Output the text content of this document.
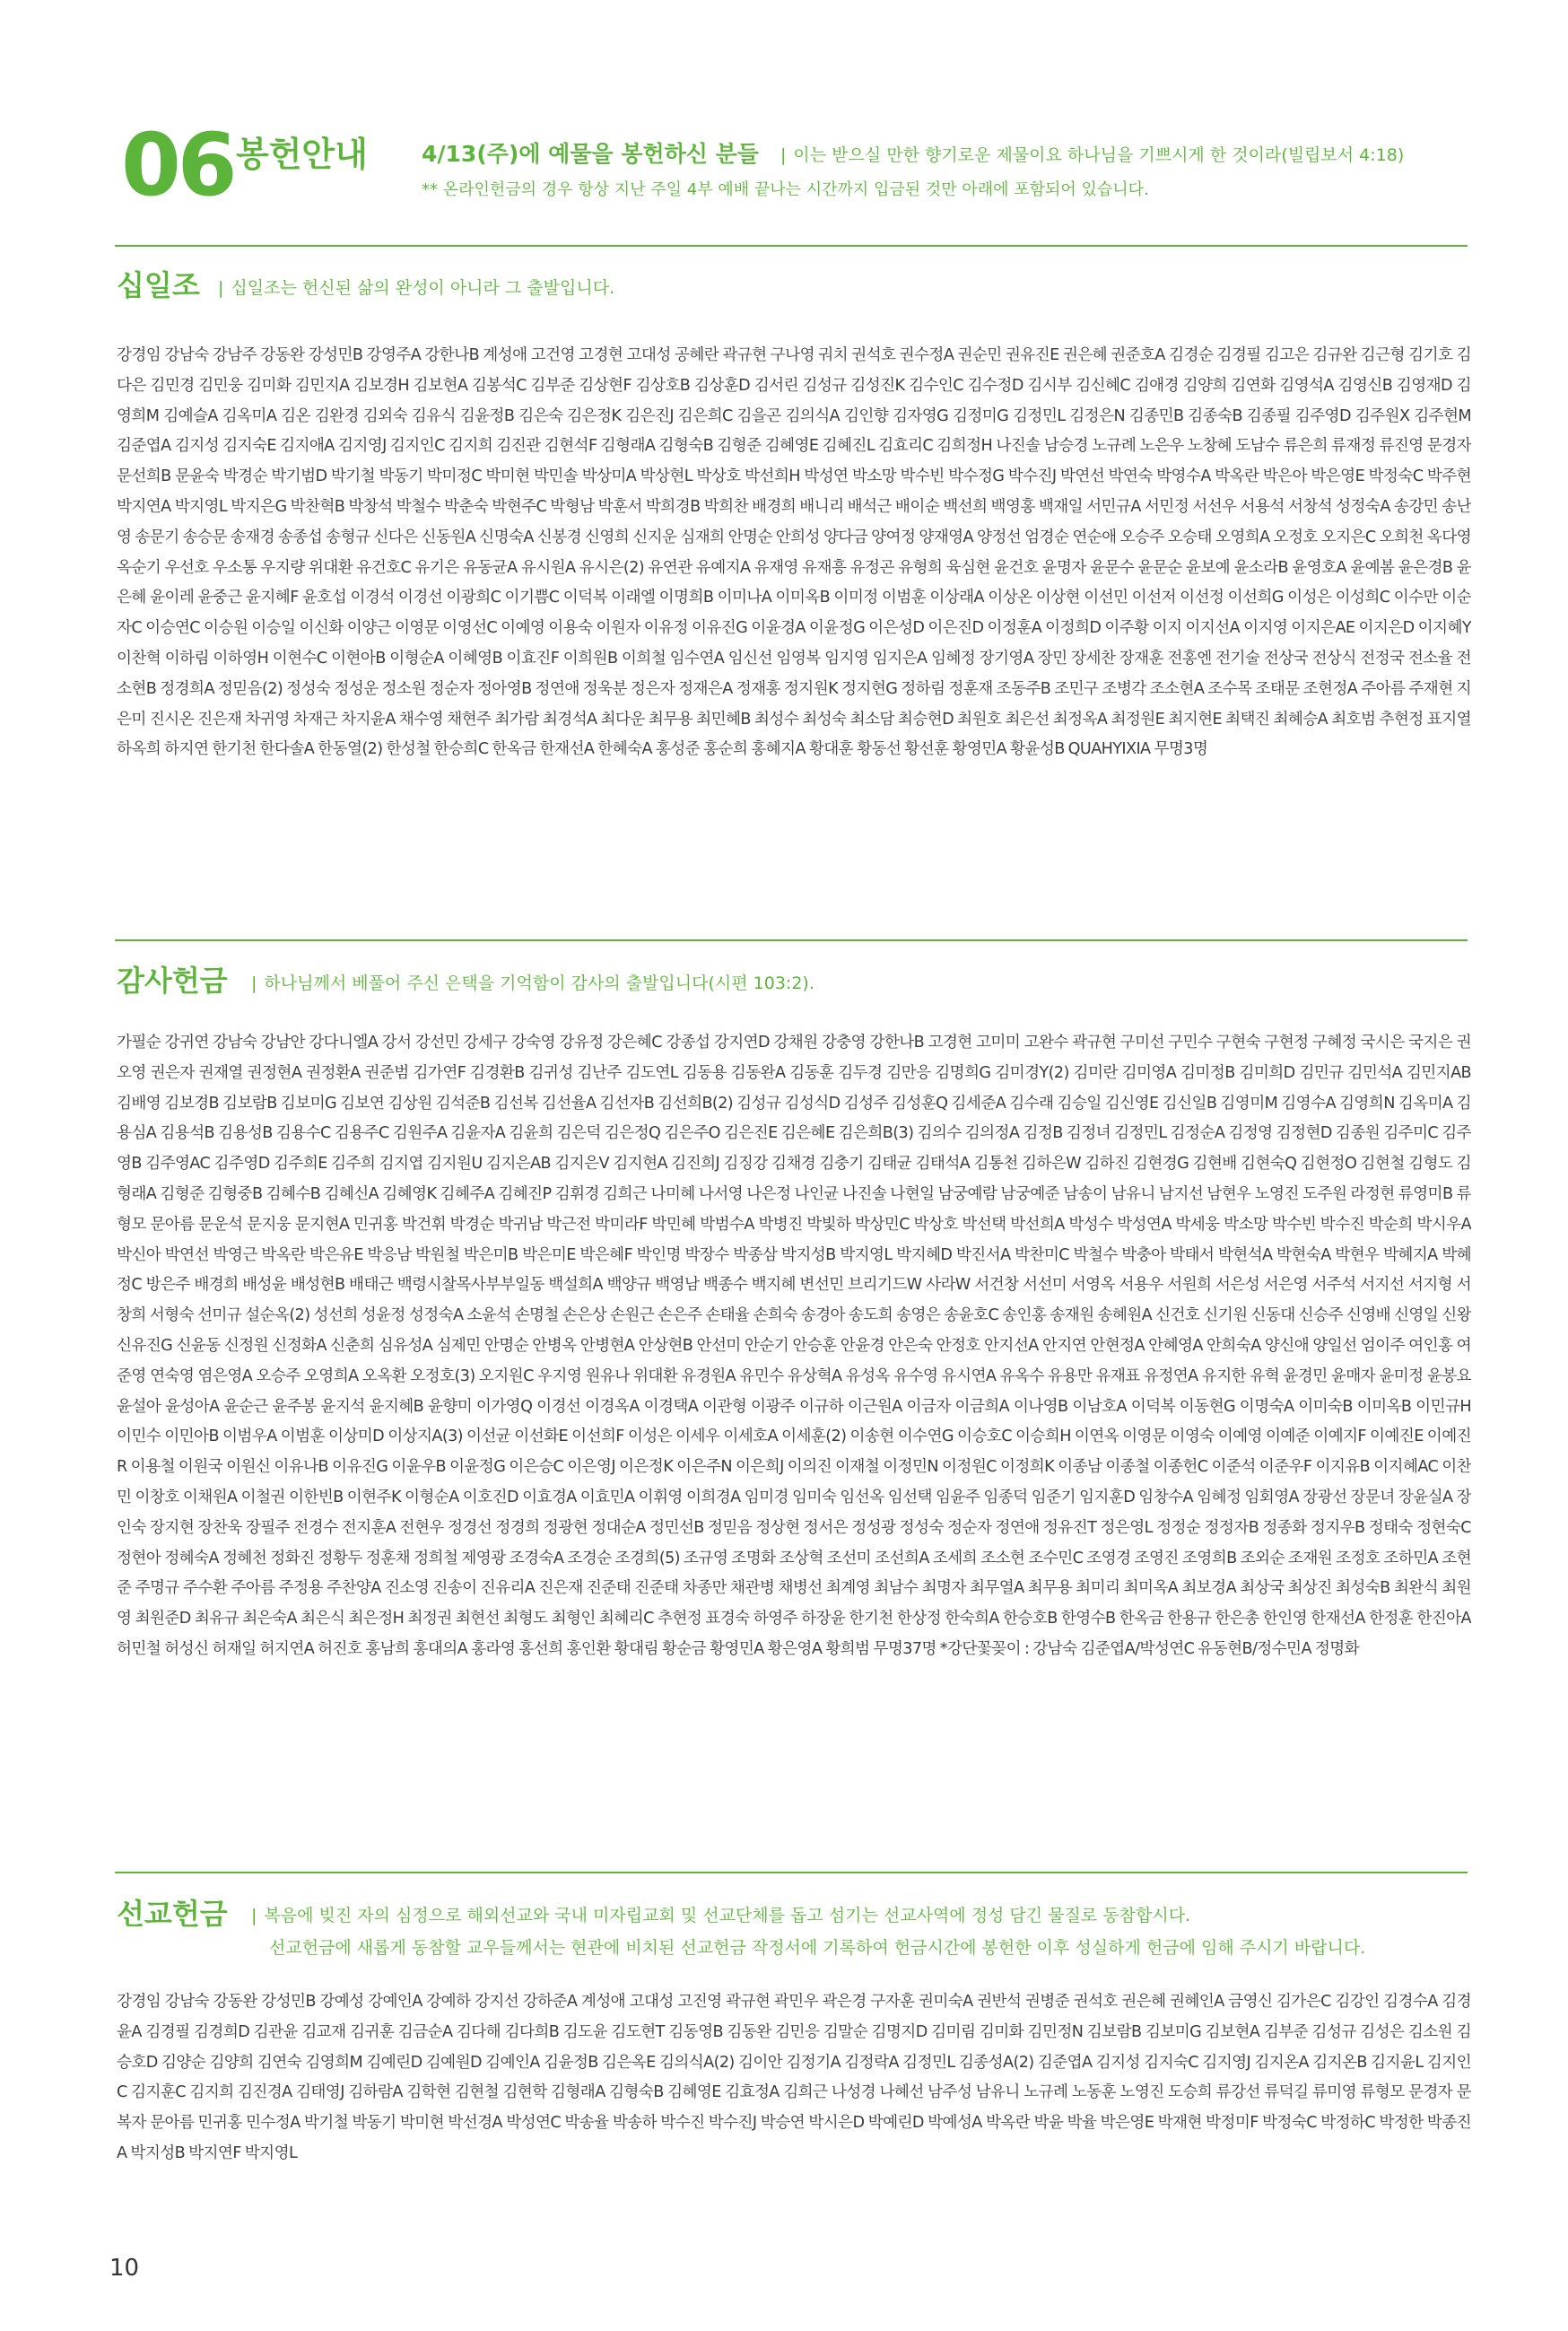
06 봉헌안내 4/13(주)에 예물을 봉헌하신 분들 | 이는 받으실 만한 향기로운 제물이요 하나님을 기쁘시게 한 것이라(빌립보서 4:18)
** 온라인헌금의 경우 항상 지난 주일 4부 예배 끝나는 시간까지 입금된 것만 아래에 포함되어 있습니다.
십일조 | 십일조는 헌신된 삶의 완성이 아니라 그 출발입니다.
강경임 강남숙 강남주 강동완 강성민B 강영주A 강한나B 계성애 고건영 고경현 고대성 공혜란 곽규현 구나영 궈치 권석호 권수정A 권순민 권유진E 권은혜 권준호A 김경순 김경필 김고은 김규완 김근형 김기호 김다은 김민경 김민웅 김미화 김민지A 김보경H 김보현A 김봉석C 김부준 김상현F 김상호B 김상훈D 김서린 김성규 김성진K 김수인C 김수정D 김시부 김신혜C 김애경 김양희 김연화 김영석A 김영신B 김영재D 김영희M 김예슬A 김옥미A 김온 김완경 김외숙 김유식 김윤정B 김은숙 김은정K 김은진J 김은희C 김을곤 김의식A 김인향 김자영G 김정미G 김정민L 김정은N 김종민B 김종숙B 김종필 김주영D 김주원X 김주현M 김준엽A 김지성 김지숙E 김지애A 김지영J 김지인C 김지희 김진관 김현석F 김형래A 김형숙B 김형준 김혜영E 김혜진L 김효리C 김희정H 나진솔 남승경 노규례 노은우 노창혜 도남수 류은희 류재정 류진영 문경자 문선희B 문윤숙 박경순 박기범D 박기철 박동기 박미정C 박미현 박민솔 박상미A 박상현L 박상호 박선희H 박성연 박소망 박수빈 박수정G 박수진J 박연선 박연숙 박영수A 박옥란 박은아 박은영E 박정숙C 박주현 박지연A 박지영L 박지은G 박찬혁B 박창석 박철수 박춘숙 박현주C 박형남 박훈서 박희경B 박희찬 배경희 배니리 배석근 배이순 백선희 백영홍 백재일 서민규A 서민정 서선우 서용석 서창석 성정숙A 송강민 송난영 송문기 송승문 송재경 송종섭 송형규 신다은 신동원A 신명숙A 신봉경 신영희 신지운 심재희 안명순 안희성 양다금 양여정 양재영A 양정선 엄경순 연순애 오승주 오승태 오영희A 오정호 오지은C 오희천 옥다영 옥순기 우선호 우소통 우지량 위대환 유건호C 유기은 유동균A 유시원A 유시은(2) 유연관 유예지A 유재영 유재흥 유정곤 유형희 육심현 윤건호 윤명자 윤문수 윤문순 윤보예 윤소라B 윤영호A 윤예봄 윤은경B 윤은혜 윤이레 윤중근 윤지혜F 윤호섭 이경석 이경선 이광희C 이기쁨C 이덕복 이래엘 이명희B 이미나A 이미옥B 이미정 이범훈 이상래A 이상온 이상현 이선민 이선저 이선정 이선희G 이성은 이성희C 이수만 이순자C 이승연C 이승원 이승일 이신화 이양근 이영문 이영선C 이예영 이용숙 이원자 이유정 이유진G 이윤경A 이윤정G 이은성D 이은진D 이정훈A 이정희D 이주황 이지 이지선A 이지영 이지은AE 이지은D 이지혜Y 이찬혁 이하림 이하영H 이현수C 이현아B 이형순A 이혜영B 이효진F 이희원B 이희철 임수연A 임신선 임영복 임지영 임지은A 임혜정 장기영A 장민 장세찬 장재훈 전홍엔 전기술 전상국 전상식 전정국 전소율 전소현B 정경희A 정믿음(2) 정성숙 정성운 정소원 정순자 정아영B 정연애 정욱분 정은자 정재은A 정재홍 정지원K 정지현G 정하림 정훈재 조동주B 조민구 조병각 조소현A 조수목 조태문 조현정A 주아름 주재현 지은미 진시온 진은재 차귀영 차재근 차지윤A 채수영 채현주 최가람 최경석A 최다운 최무용 최민혜B 최성수 최성숙 최소담 최승현D 최원호 최은선 최정옥A 최정원E 최지현E 최택진 최혜승A 최호범 추현정 표지열 하옥희 하지연 한기천 한다솔A 한동열(2) 한성철 한승희C 한옥금 한재선A 한혜숙A 홍성준 홍순희 홍혜지A 황대훈 황동선 황선훈 황영민A 황윤성B QUAHYIXIA 무명3명
감사헌금 | 하나님께서 베풀어 주신 은택을 기억함이 감사의 출발입니다(시편 103:2).
가필순 강귀연 강남숙 강남안 강다니엘A 강서 강선민 강세구 강숙영 강유정 강은혜C 강종섭 강지연D 강채원 강충영 강한나B 고경현 고미미 고완수 곽규현 구미선 구민수 구현숙 구현정 구혜정 국시은 국지은 권오영 권은자 권재열 권정현A 권정환A 권준범 김가연F 김경환B 김귀성 김난주 김도연L 김동용 김동완A 김동훈 김두경 김만응 김명희G 김미경Y(2) 김미란 김미영A 김미정B 김미희D 김민규 김민석A 김민지AB 김배영 김보경B 김보람B 김보미G 김보연 김상원 김석준B 김선복 김선율A 김선자B 김선희B(2) 김성규 김성식D 김성주 김성훈Q 김세준A 김수래 김승일 김신영E 김신일B 김영미M 김영수A 김영희N 김옥미A 김용심A 김용석B 김용성B 김용수C 김용주C 김원주A 김윤자A 김윤희 김은덕 김은정Q 김은주O 김은진E 김은혜E 김은희B(3) 김의수 김의정A 김정B 김정녀 김정민L 김정순A 김정영 김정현D 김종원 김주미C 김주영B 김주영AC 김주영D 김주희E 김주희 김지엽 김지원U 김지은AB 김지은V 김지현A 김진희J 김징강 김채경 김충기 김태균 김태석A 김통천 김하은W 김하진 김현경G 김현배 김현숙Q 김현정O 김현철 김형도 김형래A 김형준 김형중B 김혜수B 김혜신A 김혜영K 김혜주A 김혜진P 김휘경 김희근 나미혜 나서영 나은정 나인균 나진솔 나현일 남궁예람 남궁예준 남송이 남유니 남지선 남현우 노영진 도주원 라정현 류영미B 류형모 문아름 문운석 문지웅 문지현A 민귀홍 박건휘 박경순 박귀남 박근전 박미라F 박민혜 박범수A 박병진 박빛하 박상민C 박상호 박선택 박선희A 박성수 박성연A 박세웅 박소망 박수빈 박수진 박순희 박시우A 박신아 박연선 박영근 박옥란 박은유E 박응남 박원철 박은미B 박은미E 박은혜F 박인명 박장수 박종삼 박지성B 박지영L 박지혜D 박진서A 박찬미C 박철수 박충아 박태서 박현석A 박현숙A 박현우 박혜지A 박혜정C 방은주 배경희 배성윤 배성현B 배태근 백령시찰목사부부일동 백설희A 백양규 백영남 백종수 백지혜 변선민 브리기드W 사라W 서건창 서선미 서영옥 서용우 서원희 서은성 서은영 서주석 서지선 서지형 서창희 서형숙 선미규 설순옥(2) 성선희 성윤정 성정숙A 소윤석 손명철 손은상 손원근 손은주 손태율 손희숙 송경아 송도희 송영은 송윤호C 송인홍 송재원 송혜원A 신건호 신기원 신동대 신승주 신영배 신영일 신왕 신유진G 신윤동 신정원 신정화A 신춘희 심유성A 심제민 안명순 안병옥 안병현A 안상현B 안선미 안순기 안승훈 안윤경 안은숙 안정호 안지선A 안지연 안현정A 안혜영A 안희숙A 양신애 양일선 엄이주 여인홍 여준영 연숙영 염은영A 오승주 오영희A 오옥환 오정호(3) 오지원C 우지영 원유나 위대환 유경원A 유민수 유상혁A 유성옥 유수영 유시연A 유옥수 유용만 유재표 유정연A 유지한 유혁 윤경민 윤매자 윤미정 윤봉요 윤설아 윤성아A 윤순근 윤주봉 윤지석 윤지혜B 윤향미 이가영Q 이경선 이경옥A 이경택A 이관형 이광주 이규하 이근원A 이금자 이금희A 이나영B 이남호A 이덕복 이동현G 이명숙A 이미숙B 이미옥B 이민규H 이민수 이민아B 이범우A 이범훈 이상미D 이상지A(3) 이선균 이선화E 이선희F 이성은 이세우 이세호A 이세훈(2) 이송현 이수연G 이승호C 이승희H 이연옥 이영문 이영숙 이예영 이예준 이예지F 이예진E 이예진R 이용철 이원국 이원신 이유나B 이유진G 이윤우B 이윤정G 이은승C 이은영J 이은정K 이은주N 이은희J 이의진 이재철 이정민N 이정원C 이정희K 이종남 이종철 이종헌C 이준석 이준우F 이지유B 이지혜AC 이찬민 이창호 이채원A 이철권 이한빈B 이현주K 이형순A 이호진D 이효경A 이효민A 이휘영 이희경A 임미경 임미숙 임선옥 임선택 임윤주 임종덕 임준기 임지훈D 임창수A 임혜정 임회영A 장광선 장문녀 장윤실A 장인숙 장지현 장찬욱 장필주 전경수 전지훈A 전현우 정경선 정경희 정광현 정대순A 정민선B 정믿음 정상현 정서은 정성광 정성숙 정순자 정연애 정유진T 정은영L 정정순 정정자B 정종화 정지우B 정태숙 정현숙C 정현아 정혜숙A 정혜천 정화진 정황두 정훈채 정희철 제영광 조경숙A 조경순 조경희(5) 조규영 조명화 조상혁 조선미 조선희A 조세희 조소현 조수민C 조영경 조영진 조영희B 조외순 조재원 조정호 조하민A 조현준 주명규 주수환 주아름 주정용 주찬양A 진소영 진송이 진유리A 진은재 진준태 진준태 차종만 채관병 채병선 최계영 최남수 최명자 최무열A 최무용 최미리 최미옥A 최보경A 최상국 최상진 최성숙B 최완식 최원영 최원준D 최유규 최은숙A 최은식 최은정H 최정권 최현선 최형도 최형인 최혜리C 추현정 표경숙 하영주 하장윤 한기천 한상정 한숙희A 한승호B 한영수B 한옥금 한용규 한은총 한인영 한재선A 한정훈 한진아A 허민철 허성신 허재일 허지연A 허진호 홍남희 홍대의A 홍라영 홍선희 홍인환 황대림 황순금 황영민A 황은영A 황희범 무명37명 *강단꽃꽂이 : 강남숙 김준엽A/박성연C 유동현B/정수민A 정명화
선교헌금 | 복음에 빚진 자의 심정으로 해외선교와 국내 미자립교회 및 선교단체를 돕고 섬기는 선교사역에 정성 담긴 물질로 동참합시다.
선교헌금에 새롭게 동참할 교우들께서는 현관에 비치된 선교헌금 작정서에 기록하여 헌금시간에 봉헌한 이후 성실하게 헌금에 임해 주시기 바랍니다.
강경임 강남숙 강동완 강성민B 강예성 강예인A 강예하 강지선 강하준A 계성애 고대성 고진영 곽규현 곽민우 곽은경 구자훈 권미숙A 권반석 권병준 권석호 권은혜 권혜인A 금영신 김가은C 김강인 김경수A 김경윤A 김경필 김경희D 김관윤 김교재 김귀훈 김금순A 김다해 김다희B 김도윤 김도현T 김동영B 김동완 김민응 김말순 김명지D 김미림 김미화 김민정N 김보람B 김보미G 김보현A 김부준 김성규 김성은 김소원 김승호D 김양순 김양희 김연숙 김영희M 김예린D 김예원D 김예인A 김윤정B 김은옥E 김의식A(2) 김이안 김정기A 김정락A 김정민L 김종성A(2) 김준엽A 김지성 김지숙C 김지영J 김지온A 김지온B 김지윤L 김지인C 김지훈C 김지희 김진경A 김태영J 김하람A 김학현 김현철 김현학 김형래A 김형숙B 김혜영E 김효정A 김희근 나성경 나혜선 남주성 남유니 노규례 노동훈 노영진 도승희 류강선 류덕길 류미영 류형모 문경자 문복자 문아름 민귀홍 민수정A 박기철 박동기 박미현 박선경A 박성연C 박송율 박송하 박수진 박수진J 박승연 박시은D 박예린D 박예성A 박옥란 박윤 박율 박은영E 박재현 박정미F 박정숙C 박정하C 박정한 박종진A 박지성B 박지연F 박지영L
10
